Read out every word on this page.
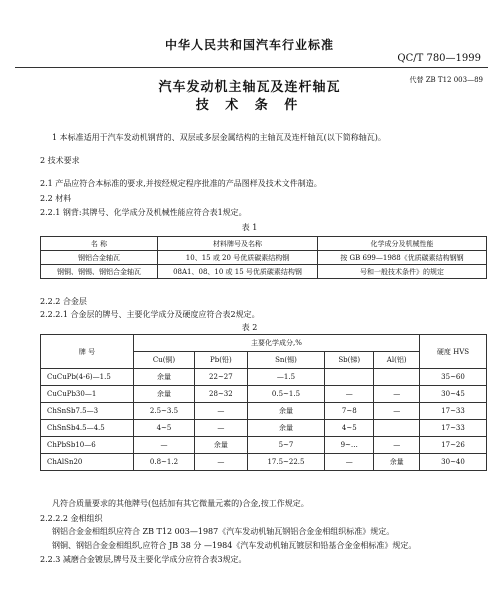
中华人民共和国汽车行业标准
QC/T 780—1999
代替 ZB T12 003—89
汽车发动机主轴瓦及连杆轴瓦
技 术 条 件
1 本标准适用于汽车发动机钢背的、双层或多层金属结构的主轴瓦及连杆轴瓦(以下简称轴瓦)。
2 技术要求
2.1 产品应符合本标准的要求,并按经规定程序批准的产品图样及技术文件制造。
2.2 材料
2.2.1 钢背:其牌号、化学成分及机械性能应符合表1规定。
表 1
名 称	材料牌号及名称	化学成分及机械性能
钢铝合金轴瓦	10、15 或 20 号优质碳素结构钢	按 GB 699—1988《优质碳素结构钢钢
钢铜、钢锡、钢铝合金轴瓦	08A1、08、10 或 15 号优质碳素结构钢	号和一般技术条件》的规定
2.2.2 合金层
2.2.2.1 合金层的牌号、主要化学成分及硬度应符合表2规定。
表 2
牌 号	主要化学成分,%					硬度 HVS
	Cu(铜)	Pb(铅)	Sn(锡)	Sb(锑)	Al(铝)	
CuCuPb(4-6)—1.5	余量	22~27	—1.5			35~60
CuCuPb30—1	余量	28~32	0.5~1.5	—	—	30~45
ChSnSb7.5—3	2.5~3.5	—	余量	7~8	—	17~33
ChSnSb4.5—4.5	4~5	—	余量	4~5		17~33
ChPbSb10—6	—	余量	5~7	9~…	—	17~26
ChAlSn20	0.8~1.2	—	17.5~22.5	—	余量	30~40
凡符合质量要求的其他牌号(包括加有其它微量元素的)合金,按工作规定。
2.2.2.2 金相组织
钢铝合金金相组织应符合 ZB T12 003—1987《汽车发动机轴瓦钢铝合金金相组织标准》规定。
钢铜、钢铝合金金相组织,应符合 JB 38 分 —1984《汽车发动机轴瓦镀层和铅基合金金相标准》规定。
2.2.3 减磨合金镀层,牌号及主要化学成分应符合表3规定。
